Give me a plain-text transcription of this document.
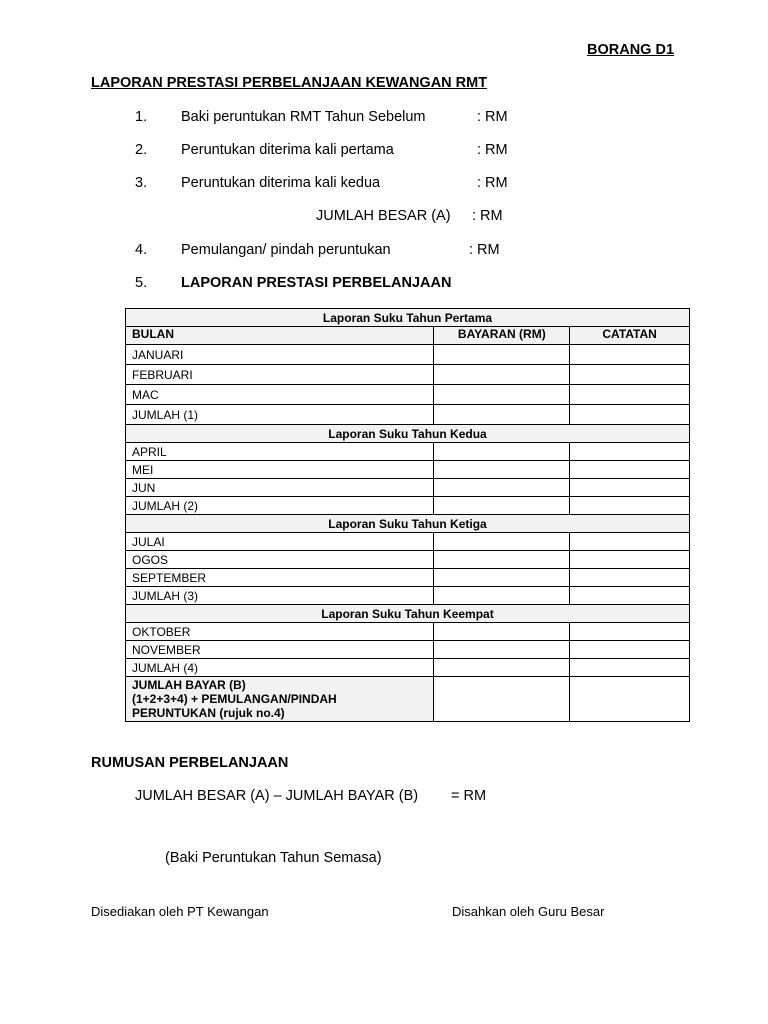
BORANG D1
LAPORAN PRESTASI PERBELANJAAN KEWANGAN RMT
1. Baki peruntukan RMT Tahun Sebelum	: RM
2. Peruntukan diterima kali pertama	: RM
3. Peruntukan diterima kali kedua	: RM
JUMLAH BESAR (A) : RM
4. Pemulangan/ pindah peruntukan	: RM
5. LAPORAN PRESTASI PERBELANJAAN
Laporan Suku Tahun Pertama		
BULAN	BAYARAN (RM)	CATATAN
JANUARI		
FEBRUARI		
MAC		
JUMLAH (1)		
Laporan Suku Tahun Kedua		
APRIL		
MEI		
JUN		
JUMLAH (2)		
Laporan Suku Tahun Ketiga		
JULAI		
OGOS		
SEPTEMBER		
JUMLAH (3)		
Laporan Suku Tahun Keempat		
OKTOBER		
NOVEMBER		
JUMLAH (4)		

JUMLAH BAYAR (B)
(1+2+3+4) + PEMULANGAN/PINDAH
PERUNTUKAN (rujuk no.4)		

RUMUSAN PERBELANJAAN
JUMLAH BESAR (A) – JUMLAH BAYAR (B) = RM
(Baki Peruntukan Tahun Semasa)
Disediakan oleh PT Kewangan	Disahkan oleh Guru Besar
